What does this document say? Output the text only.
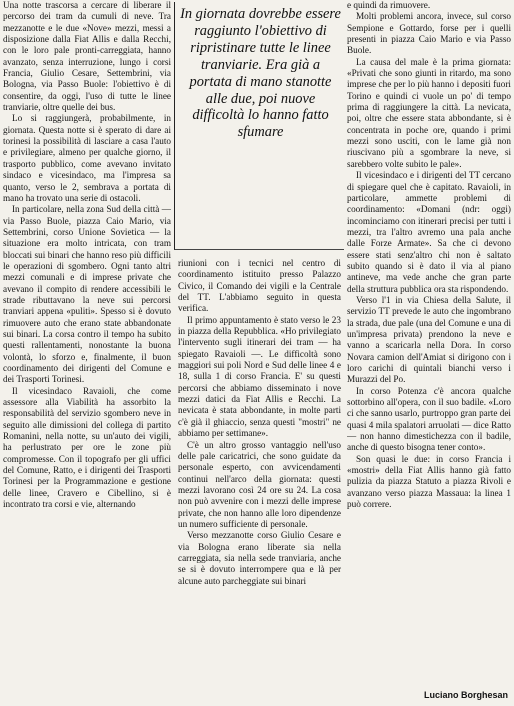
Una notte trascorsa a cercare di liberare il percorso dei tram da cumuli di neve. Tra mezzanotte e le due «Nove» mezzi, messi a disposizione dalla Fiat Allis e dalla Recchi, con le loro pale pronti-carreggiata, hanno avanzato, senza interruzione, lungo i corsi Francia, Giulio Cesare, Settembrini, via Bologna, via Passo Buole: l'obiettivo è di consentire, da oggi, l'uso di tutte le linee tranviarie, oltre quelle dei bus.

Lo si raggiungerà, probabilmente, in giornata. Questa notte si è sperato di dare ai torinesi la possibilità di lasciare a casa l'auto e privilegiare, almeno per qualche giorno, il trasporto pubblico, come avevano invitato sindaco e vicesindaco, ma l'impresa sa quanto, verso le 2, sembrava a portata di mano ha trovato una serie di ostacoli.

In particolare, nella zona Sud della città — via Passo Buole, piazza Caio Mario, via Settembrini, corso Unione Sovietica — la situazione era molto intricata, con tram bloccati sui binari che hanno reso più difficili le operazioni di sgombero. Ogni tanto altri mezzi comunali e di imprese private che avevano il compito di rendere accessibili le strade ributtavano la neve sui percorsi tranviari appena «puliti». Spesso si è dovuto rimuovere auto che erano state abbandonate sui binari. La corsa contro il tempo ha subito questi rallentamenti, nonostante la buona volontà, lo sforzo e, finalmente, il buon coordinamento dei dirigenti del Comune e dei Trasporti Torinesi.

Il vicesindaco Ravaioli, che come assessore alla Viabilità ha assorbito la responsabilità del servizio sgombero neve in seguito alle dimissioni del collega di partito Romanini, nella notte, su un'auto dei vigili, ha perlustrato per ore le zone più compromesse. Con il topografo per gli uffici del Comune, Ratto, e i dirigenti dei Trasporti Torinesi per la Programmazione e gestione delle linee, Cravero e Cibellino, si è incontrato tra corsi e vie, alternando

In giornata dovrebbe essere raggiunto l'obiettivo di ripristinare tutte le linee tranviarie. Era già a portata di mano stanotte alle due, poi nuove difficoltà lo hanno fatto sfumare

riunioni con i tecnici nel centro di coordinamento istituito presso Palazzo Civico, il Comando dei vigili e la Centrale del TT. L'abbiamo seguito in questa verifica.

Il primo appuntamento è stato verso le 23 in piazza della Repubblica. «Ho privilegiato l'intervento sugli itinerari dei tram — ha spiegato Ravaioli —. Le difficoltà sono maggiori sui poli Nord e Sud delle linee 4 e 18, sulla 1 di corso Francia. E' su questi percorsi che abbiamo disseminato i nove mezzi datici da Fiat Allis e Recchi. La nevicata è stata abbondante, in molte parti c'è già il ghiaccio, senza questi "mostri" ne abbiamo per settimane».

C'è un altro grosso vantaggio nell'uso delle pale caricatrici, che sono guidate da personale esperto, con avvicendamenti continui nell'arco della giornata: questi mezzi lavorano così 24 ore su 24. La cosa non può avvenire con i mezzi delle imprese private, che non hanno alle loro dipendenze un numero sufficiente di personale.

Verso mezzanotte corso Giulio Cesare e via Bologna erano liberate sia nella carreggiata, sia nella sede tranviaria, anche se si è dovuto interrompere qua e là per alcune auto parcheggiate sui binari

e quindi da rimuovere.

Molti problemi ancora, invece, sul corso Sempione e Gottardo, forse per i quelli presenti in piazza Caio Mario e via Passo Buole.

La causa del male è la prima giornata: «Privati che sono giunti in ritardo, ma sono imprese che per lo più hanno i depositi fuori Torino e quindi ci vuole un po' di tempo prima di raggiungere la città. La nevicata, poi, oltre che essere stata abbondante, si è concentrata in poche ore, quando i primi mezzi sono usciti, con le lame già non riuscivano più a sgombrare la neve, si sarebbero volte subito le pale».

Il vicesindaco e i dirigenti del TT cercano di spiegare quel che è capitato. Ravaioli, in particolare, ammette problemi di coordinamento: «Domani (ndr: oggi) incominciamo con itinerari precisi per tutti i mezzi, tra l'altro avremo una pala anche dalle Forze Armate». Sa che ci devono essere stati senz'altro chi non è saltato subito quando si è dato il via al piano antineve, ma vede anche che gran parte della struttura pubblica ora sta rispondendo.

Verso l'1 in via Chiesa della Salute, il servizio TT prevede le auto che ingombrano la strada, due pale (una del Comune e una di un'impresa privata) prendono la neve e vanno a scaricarla nella Dora. In corso Novara camion dell'Amiat si dirigono con i loro carichi di quintali bianchi verso i Murazzi del Po.

In corso Potenza c'è ancora qualche sottorbino all'opera, con il suo badile. «Loro ci che sanno usarlo, purtroppo gran parte dei quasi 4 mila spalatori arruolati — dice Ratto — non hanno dimestichezza con il badile, anche di questo bisogna tener conto».

Son quasi le due: in corso Francia i «mostri» della Fiat Allis hanno già fatto pulizia da piazza Statuto a piazza Rivoli e avanzano verso piazza Massaua: la linea 1 può correre.

Luciano Borghesan
